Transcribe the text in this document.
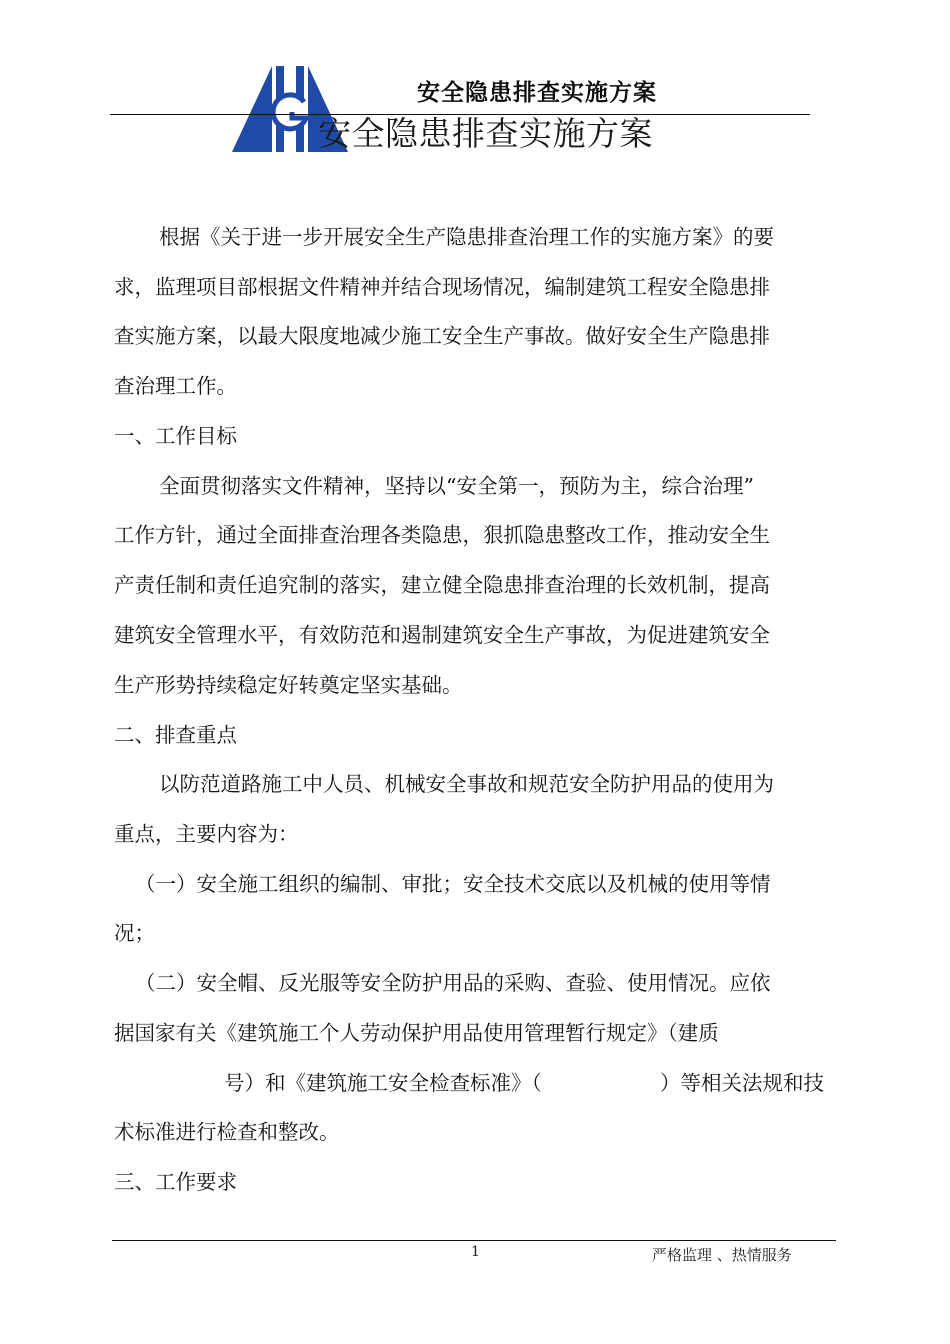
安全隐患排查实施方案
安全隐患排查实施方案
根据《关于进一步开展安全生产隐患排查治理工作的实施方案》的要
求，监理项目部根据文件精神并结合现场情况，编制建筑工程安全隐患排
查实施方案，以最大限度地减少施工安全生产事故。做好安全生产隐患排
查治理工作。
一、工作目标
全面贯彻落实文件精神，坚持以“安全第一，预防为主，综合治理”
工作方针，通过全面排查治理各类隐患，狠抓隐患整改工作，推动安全生
产责任制和责任追究制的落实，建立健全隐患排查治理的长效机制，提高
建筑安全管理水平，有效防范和遏制建筑安全生产事故，为促进建筑安全
生产形势持续稳定好转奠定坚实基础。
二、排查重点
以防范道路施工中人员、机械安全事故和规范安全防护用品的使用为
重点，主要内容为：
（一）安全施工组织的编制、审批；安全技术交底以及机械的使用等情
况；
（二）安全帽、反光服等安全防护用品的采购、查验、使用情况。应依
据国家有关《建筑施工个人劳动保护用品使用管理暂行规定》（建质
号）和《建筑施工安全检查标准》（	）等相关法规和技
术标准进行检查和整改。
三、工作要求
1	严格监理 、热情服务
